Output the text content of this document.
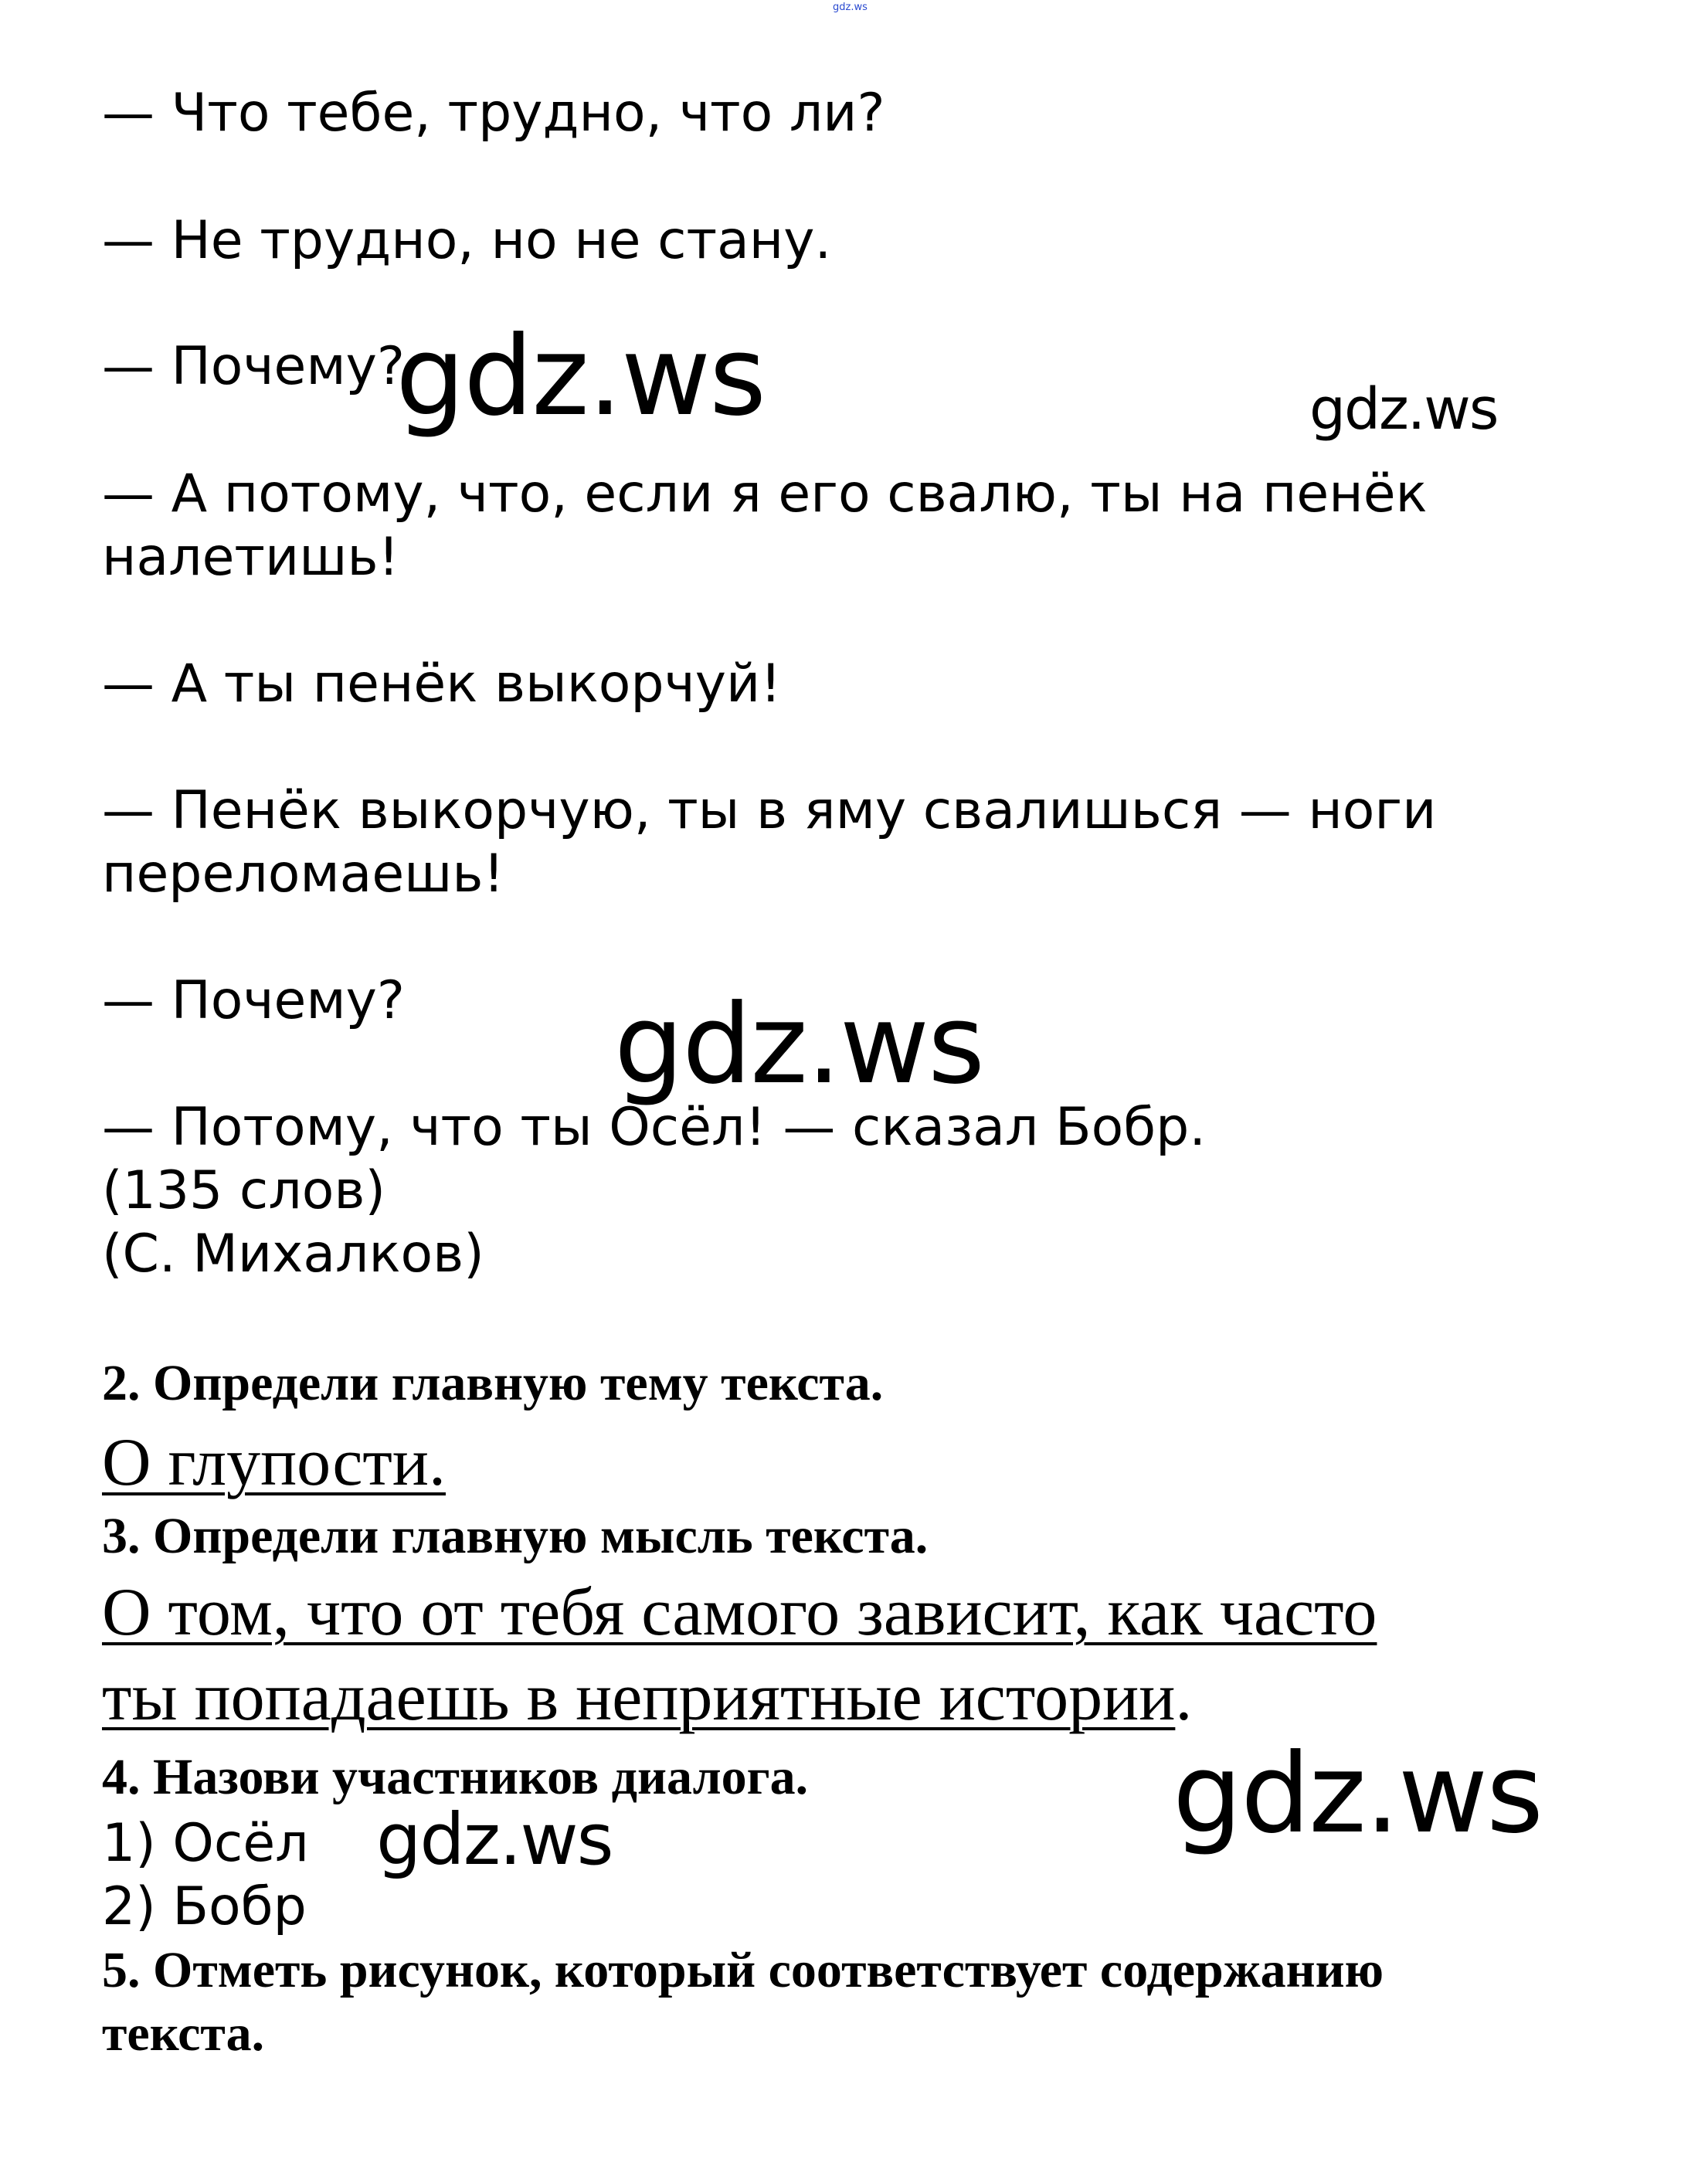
gdz.ws
— Что тебе, трудно, что ли?
— Не трудно, но не стану.
— Почему?
— А потому, что, если я его свалю, ты на пенёк
налетишь!
— А ты пенёк выкорчуй!
— Пенёк выкорчую, ты в яму свалишься — ноги
переломаешь!
— Почему?
— Потому, что ты Осёл! — сказал Бобр.
(135 слов)
(С. Михалков)
2. Определи главную тему текста.
О глупости.
3. Определи главную мысль текста.
О том, что от тебя самого зависит, как часто
ты попадаешь в неприятные истории.
4. Назови участников диалога.
1) Осёл
2) Бобр
5. Отметь рисунок, который соответствует содержанию
текста.
gdz.ws	gdz.ws
gdz.ws
gdz.ws
gdz.ws
